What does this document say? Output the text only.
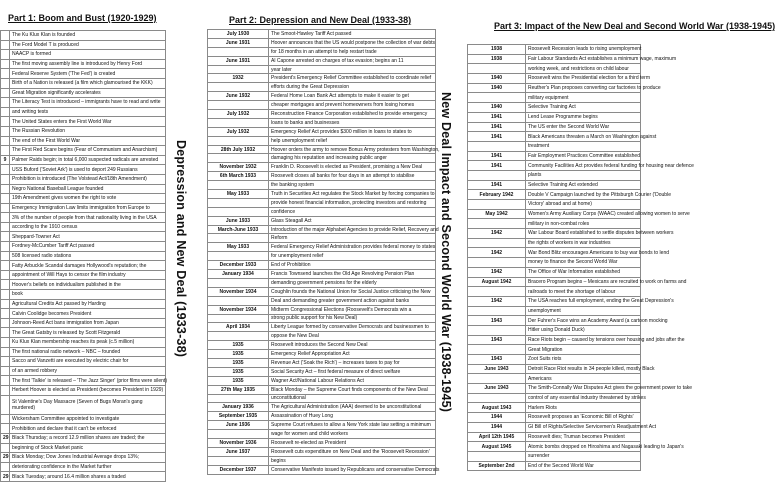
Part 1: Boom and Bust (1920-1929)
	The Ku Klux Klan is founded
	The Ford Model T is produced
	NAACP is formed
	The first moving assembly line is introduced by Henry Ford
	Federal Reserve System ('The Fed') is created
	Birth of a Nation is released (a film which glamourised the KKK)
	Great Migration significantly accelerates
	The Literacy Test is introduced – immigrants have to read and write
	and writing tests
	The United States enters the First World War
	The Russian Revolution
	The end of the First World War
	The First Red Scare begins (Fear of Communism and Anarchism)
9	Palmer Raids begin; in total 6,000 suspected radicals are arrested
	USS Buford ('Soviet Ark') is used to deport 249 Russians
	Prohibition is introduced (The Volstead Act/18th Amendment)
	Negro National Baseball League founded
	19th Amendment gives women the right to vote
	Emergency Immigration Law limits immigration from Europe to
	3% of the number of people from that nationality living in the USA
	according to the 1910 census
	Sheppard-Towner Act
	Fordney-McCumber Tariff Act passed
	508 licensed radio stations
	Fatty Arbuckle Scandal damages Hollywood's reputation; the
	appointment of Will Hays to censor the film industry
	Hoover's beliefs on individualism published in the
	book
	Agricultural Credits Act passed by Harding
	Calvin Coolidge becomes President
	Johnson-Reed Act bans immigration from Japan
	The Great Gatsby is released by Scott Fitzgerald
	Ku Klux Klan membership reaches its peak (c.5 million)
	The first national radio network – NBC – founded
	Sacco and Vanzetti are executed by electric chair for
	of an armed robbery
	The first 'Talkie' is released – 'The Jazz Singer' (prior films were silent)
	Herbert Hoover is elected as President (becomes President in 1929)
	St Valentine's Day Massacre (Seven of Bugs Moran's gang murdered)
	Wickersham Committee appointed to investigate
	Prohibition and declare that it can't be enforced
29	Black Thursday; a record 12.9 million shares are traded; the
	beginning of Stock Market panic
29	Black Monday; Dow Jones Industrial Average drops 13%;
	deteriorating confidence in the Market further
29	Black Tuesday; around 16.4 million shares a traded
Depression and New Deal (1933-38)
Part 2: Depression and New Deal (1933-38)
July 1930	The Smoot-Hawley Tariff Act passed
June 1931	Hoover announces that the US would postpone the collection of war debts
	for 18 months in an attempt to help restart trade
June 1931	Al Capone arrested on charges of tax evasion; begins an 11
	year later
1932	President's Emergency Relief Committee established to coordinate relief
	efforts during the Great Depression
June 1932	Federal Home Loan Bank Act attempts to make it easier to get
	cheaper mortgages and prevent homeowners from losing homes
July 1932	Reconstruction Finance Corporation established to provide emergency
	loans to banks and businesses
July 1932	Emergency Relief Act provides $300 million in loans to states to
	help unemployment relief
28th July 1932	Hoover orders the army to remove Bonus Army protesters from Washington,
	damaging his reputation and increasing public anger
November 1932	Franklin D. Roosevelt is elected as President, promising a New Deal
6th March 1933	Roosevelt closes all banks for four days in an attempt to stabilise
	the banking system
May 1933	Truth in Securities Act regulates the Stock Market by forcing companies to
	provide honest financial information, protecting investors and restoring
	confidence
June 1933	Glass Steagall Act
March-June 1933	Introduction of the major Alphabet Agencies to provide Relief, Recovery and
	Reform
May 1933	Federal Emergency Relief Administration provides federal money to states
	for unemployment relief
December 1933	End of Prohibition
January 1934	Francis Townsend launches the Old Age Revolving Pension Plan
	demanding government pensions for the elderly
November 1934	Coughlin founds the National Union for Social Justice criticising the New
	Deal and demanding greater government action against banks
November 1934	Midterm Congressional Elections (Roosevelt's Democrats win a
	strong public support for his New Deal)
April 1934	Liberty League formed by conservative Democrats and businessmen to
	oppose the New Deal
1935	Roosevelt introduces the Second New Deal
1935	Emergency Relief Appropriation Act
1935	Revenue Act ('Soak the Rich') – increases taxes to pay for
1935	Social Security Act – first federal measure of direct welfare
1935	Wagner Act/National Labour Relations Act
27th May 1935	Black Monday – the Supreme Court finds components of the New Deal
	unconstitutional
January 1936	The Agricultural Administration (AAA) deemed to be unconstitutional
September 1935	Assassination of Huey Long
June 1936	Supreme Court refuses to allow a New York state law setting a minimum
	wage for women and child workers
November 1936	Roosevelt re-elected as President
June 1937	Roosevelt cuts expenditure on New Deal and the 'Roosevelt Recession'
	begins
December 1937	Conservative Manifesto issued by Republicans and conservative Democrats
New Deal Impact and Second World War (1938-1945)
Part 3: Impact of the New Deal and Second World War (1938-1945)
1938	Roosevelt Recession leads to rising unemployment
1938	Fair Labour Standards Act establishes a minimum wage, maximum
	working week, and restrictions on child labour
1940	Roosevelt wins the Presidential election for a third term
1940	Reuther's Plan proposes converting car factories to produce
	military equipment
1940	Selective Training Act
1941	Lend Lease Programme begins
1941	The US enter the Second World War
1941	Black Americans threaten a March on Washington against
	treatment
1941	Fair Employment Practices Committee established
1941	Community Facilities Act provides federal funding for housing near defence
	plants
1941	Selective Training Act extended
February 1942	Double V Campaign launched by the Pittsburgh Courier ('Double
	Victory' abroad and at home)
May 1942	Women's Army Auxiliary Corps (WAAC) created allowing women to serve
	military in non-combat roles
1942	War Labour Board established to settle disputes between workers
	the rights of workers in war industries
1942	War Bond Blitz encourages Americans to buy war bonds to lend
	money to finance the Second World War
1942	The Office of War Information established
August 1942	Bracero Program begins – Mexicans are recruited to work on farms and
	railroads to meet the shortage of labour
1942	The USA reaches full employment, ending the Great Depression's
	unemployment
1943	Der Fuhrer's Face wins an Academy Award (a cartoon mocking
	Hitler using Donald Duck)
1943	Race Riots begin – caused by tensions over housing and jobs after the
	Great Migration
1943	Zoot Suits riots
June 1943	Detroit Race Riot results in 34 people killed, mostly Black
	Americans
June 1943	The Smith-Connally War Disputes Act gives the government power to take
	control of any essential industry threatened by strikes
August 1943	Harlem Riots
1944	Roosevelt proposes an 'Economic Bill of Rights'
1944	GI Bill of Rights/Selective Servicemen's Readjustment Act
April 12th 1945	Roosevelt dies; Truman becomes President
August 1945	Atomic bombs dropped on Hiroshima and Nagasaki leading to Japan's
	surrender
September 2nd	End of the Second World War
